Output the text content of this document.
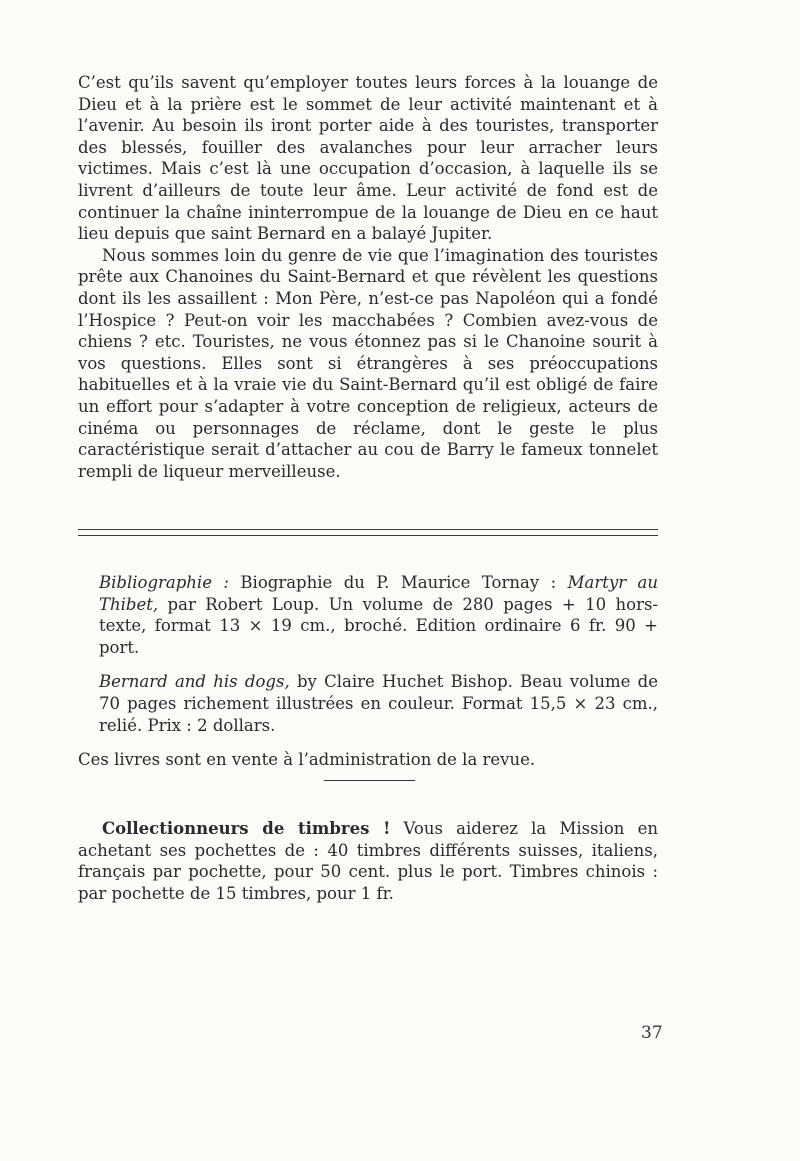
C’est qu’ils savent qu’employer toutes leurs forces à la louange de Dieu et à la prière est le sommet de leur activité maintenant et à l’avenir. Au besoin ils iront porter aide à des touristes, transporter des blessés, fouiller des avalanches pour leur arracher leurs victimes. Mais c’est là une occupation d’occasion, à laquelle ils se livrent d’ailleurs de toute leur âme. Leur activité de fond est de continuer la chaîne ininterrompue de la louange de Dieu en ce haut lieu depuis que saint Bernard en a balayé Jupiter.

Nous sommes loin du genre de vie que l’imagination des touristes prête aux Chanoines du Saint-Bernard et que révèlent les questions dont ils les assaillent : Mon Père, n’est-ce pas Napoléon qui a fondé l’Hospice ? Peut-on voir les macchabées ? Combien avez-vous de chiens ? etc. Touristes, ne vous étonnez pas si le Chanoine sourit à vos questions. Elles sont si étrangères à ses préoccupations habituelles et à la vraie vie du Saint-Bernard qu’il est obligé de faire un effort pour s’adapter à votre conception de religieux, acteurs de cinéma ou personnages de réclame, dont le geste le plus caractéristique serait d’attacher au cou de Barry le fameux tonnelet rempli de liqueur merveilleuse.

Bibliographie : Biographie du P. Maurice Tornay : Martyr au Thibet, par Robert Loup. Un volume de 280 pages + 10 hors-texte, format 13 × 19 cm., broché. Edition ordinaire 6 fr. 90 + port.

Bernard and his dogs, by Claire Huchet Bishop. Beau volume de 70 pages richement illustrées en couleur. Format 15,5 × 23 cm., relié. Prix : 2 dollars.

Ces livres sont en vente à l’administration de la revue.

Collectionneurs de timbres ! Vous aiderez la Mission en achetant ses pochettes de : 40 timbres différents suisses, italiens, français par pochette, pour 50 cent. plus le port. Timbres chinois : par pochette de 15 timbres, pour 1 fr.

37
